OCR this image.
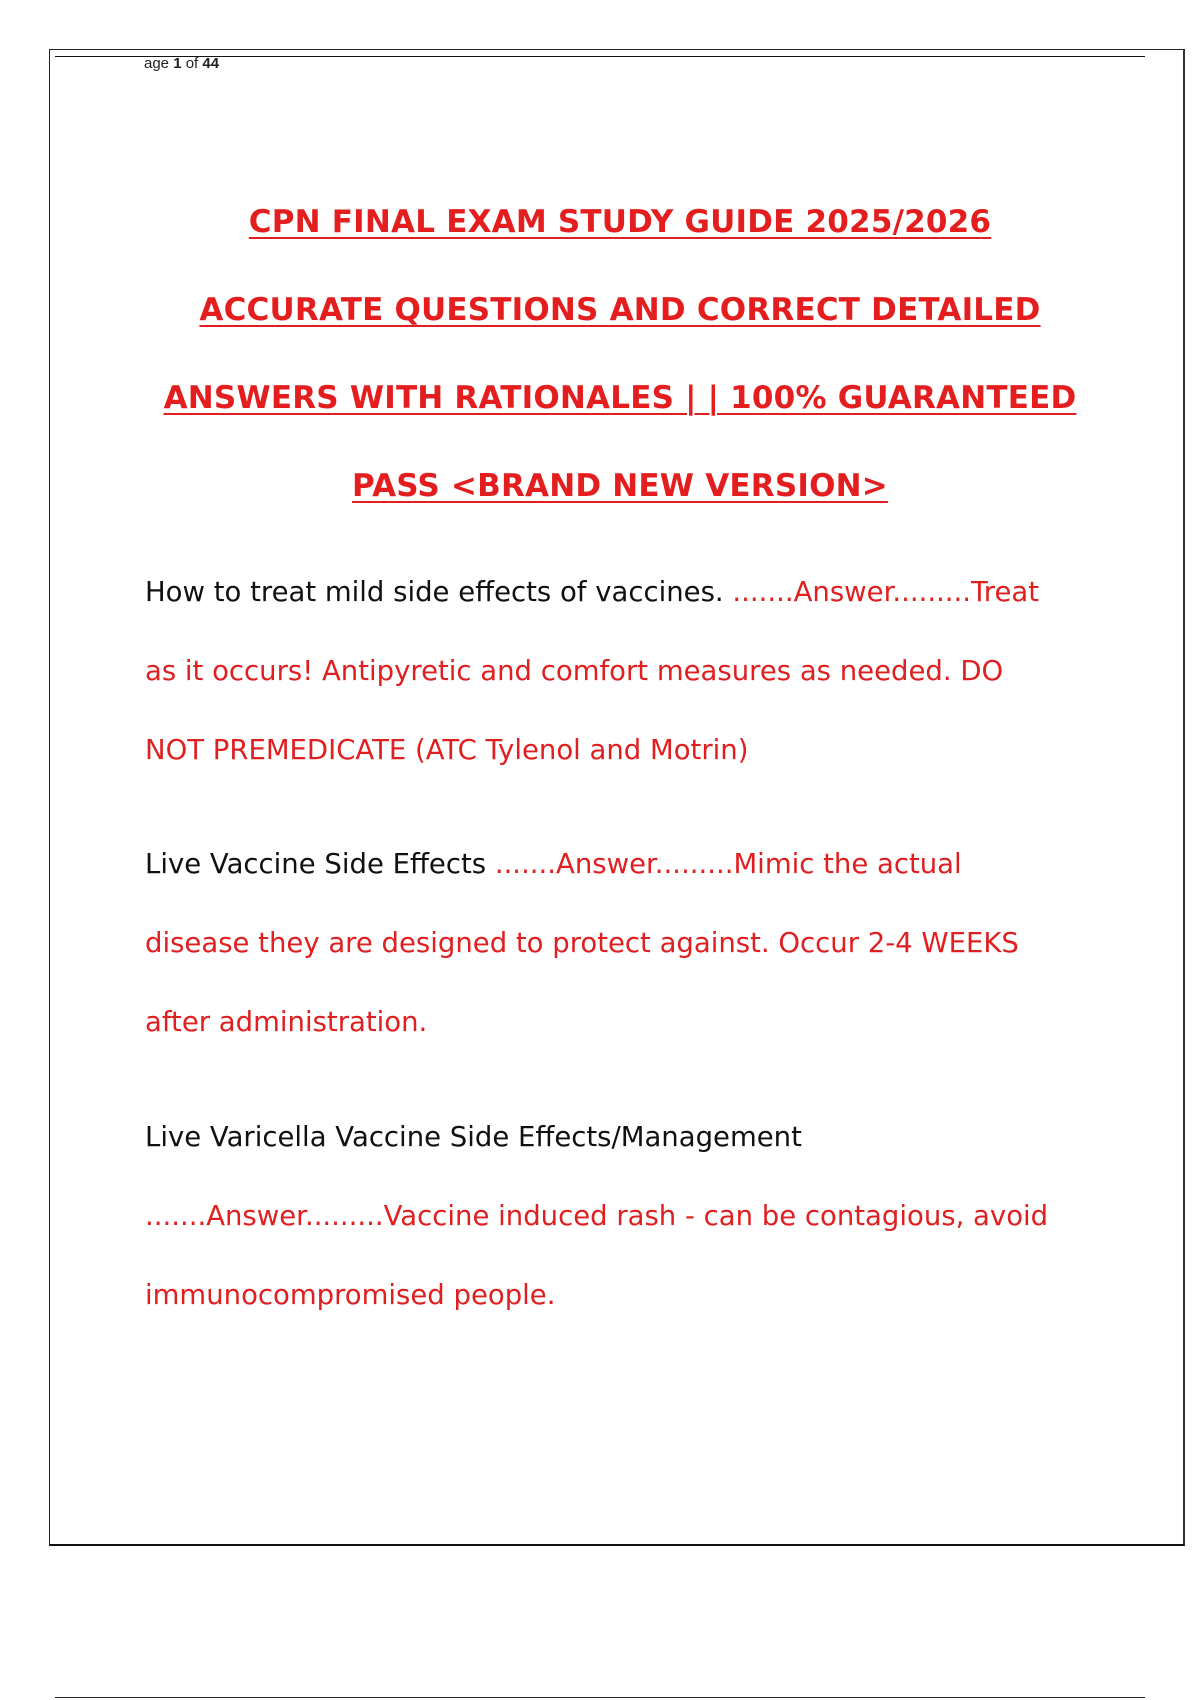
age 1 of 44
CPN FINAL EXAM STUDY GUIDE 2025/2026
ACCURATE QUESTIONS AND CORRECT DETAILED
ANSWERS WITH RATIONALES | | 100% GUARANTEED
PASS <BRAND NEW VERSION>
How to treat mild side effects of vaccines. .......Answer.........Treat
as it occurs! Antipyretic and comfort measures as needed. DO
NOT PREMEDICATE (ATC Tylenol and Motrin)
Live Vaccine Side Effects .......Answer.........Mimic the actual
disease they are designed to protect against. Occur 2-4 WEEKS
after administration.
Live Varicella Vaccine Side Effects/Management
.......Answer.........Vaccine induced rash - can be contagious, avoid
immunocompromised people.
